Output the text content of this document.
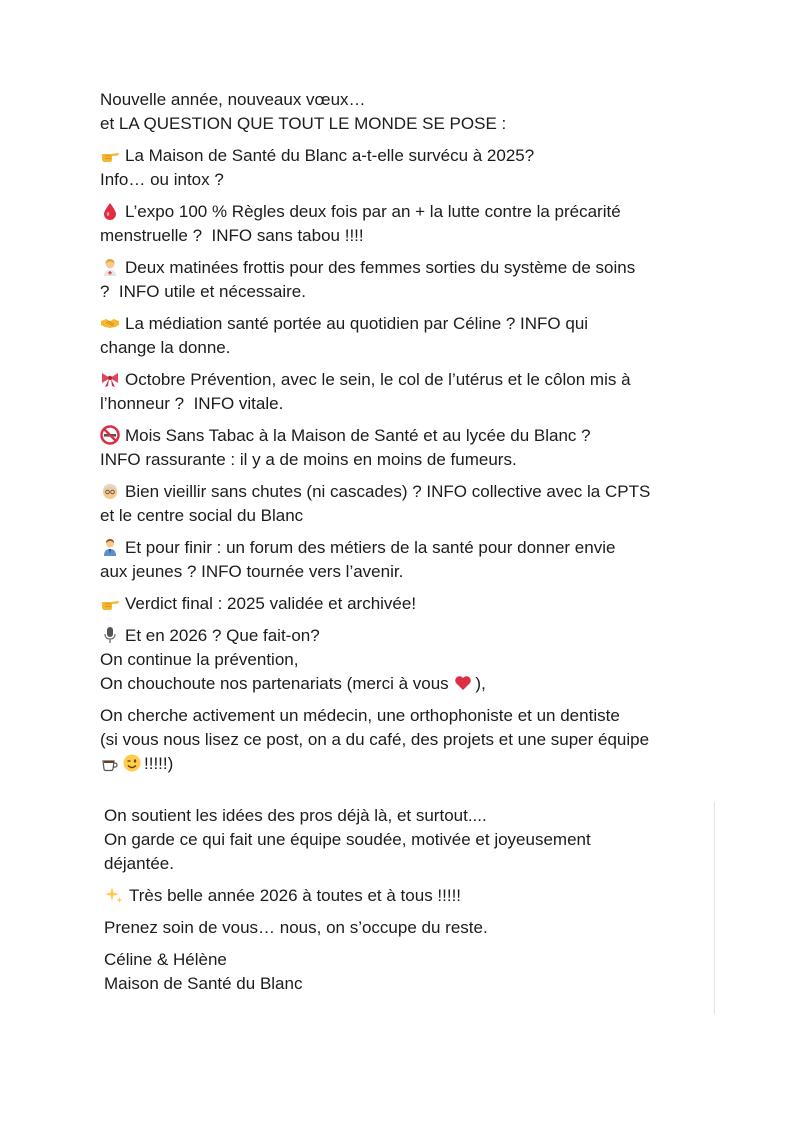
Nouvelle année, nouveaux vœux…

et LA QUESTION QUE TOUT LE MONDE SE POSE :

La Maison de Santé du Blanc a-t-elle survécu à 2025?

Info… ou intox ?

L’expo 100 % Règles deux fois par an + la lutte contre la précarité

menstruelle ?  INFO sans tabou !!!!

Deux matinées frottis pour des femmes sorties du système de soins

?  INFO utile et nécessaire.

La médiation santé portée au quotidien par Céline ? INFO qui

change la donne.

Octobre Prévention, avec le sein, le col de l’utérus et le côlon mis à

l’honneur ?  INFO vitale.

Mois Sans Tabac à la Maison de Santé et au lycée du Blanc ?

INFO rassurante : il y a de moins en moins de fumeurs.

Bien vieillir sans chutes (ni cascades) ? INFO collective avec la CPTS

et le centre social du Blanc

Et pour finir : un forum des métiers de la santé pour donner envie

aux jeunes ? INFO tournée vers l’avenir.

Verdict final : 2025 validée et archivée!

Et en 2026 ? Que fait-on?

On continue la prévention,

On chouchoute nos partenariats (merci à vous ),

On cherche activement un médecin, une orthophoniste et un dentiste

(si vous nous lisez ce post, on a du café, des projets et une super équipe

!!!!!)

On soutient les idées des pros déjà là, et surtout....

On garde ce qui fait une équipe soudée, motivée et joyeusement

déjantée.

Très belle année 2026 à toutes et à tous !!!!!

Prenez soin de vous… nous, on s’occupe du reste.

Céline & Hélène

Maison de Santé du Blanc
